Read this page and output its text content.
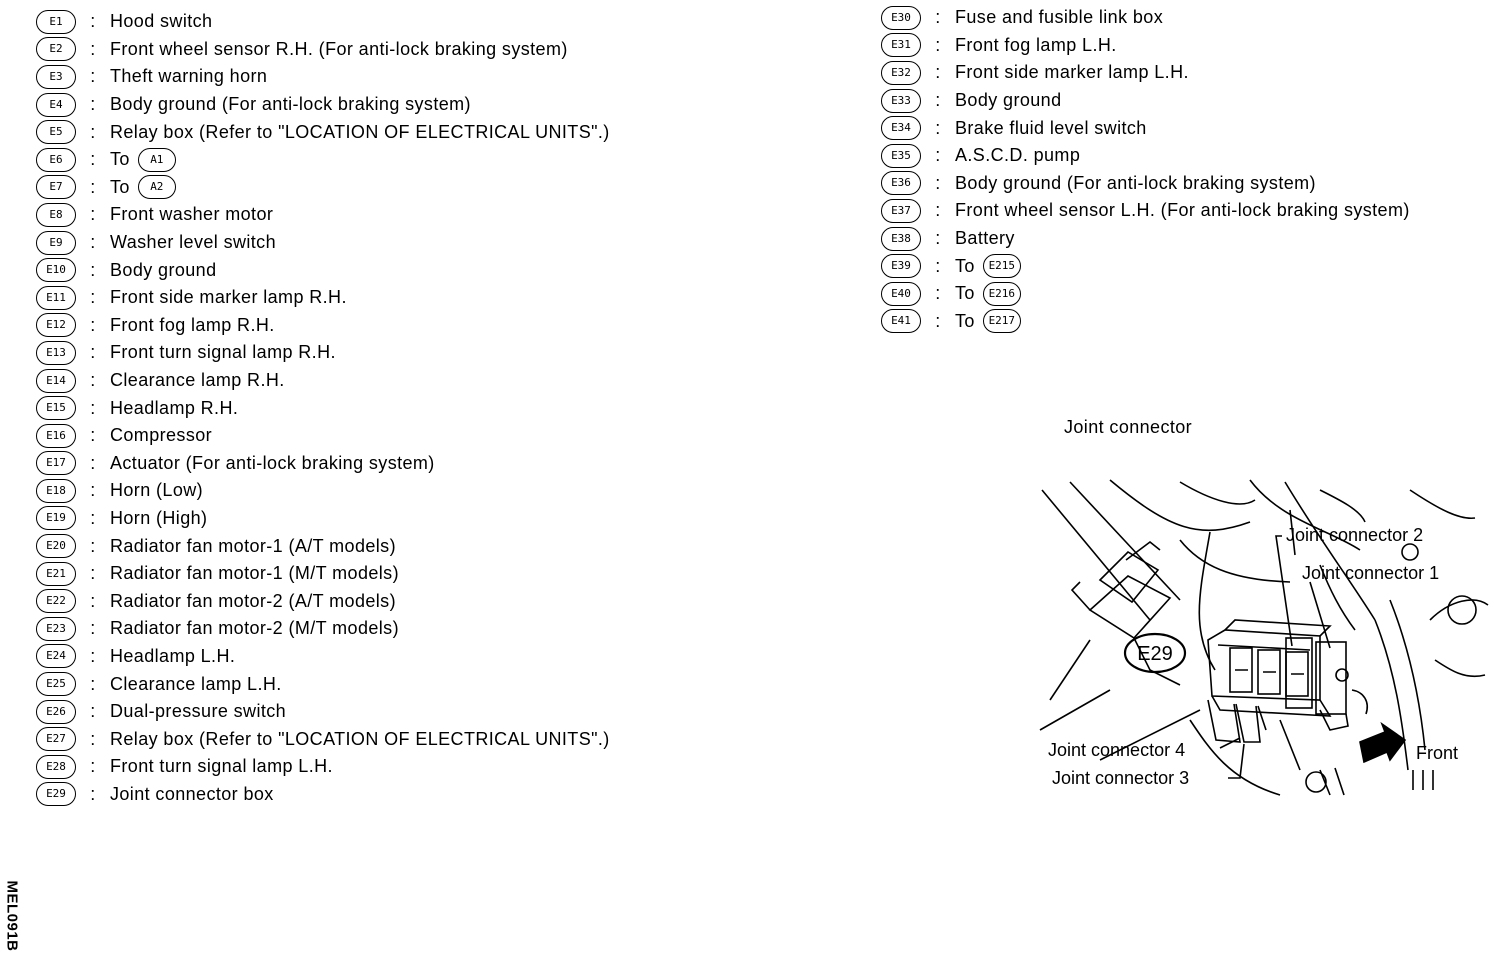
E1	: Hood switch
E2	: Front wheel sensor R.H. (For anti-lock braking system)
E3	: Theft warning horn
E4	: Body ground (For anti-lock braking system)
E5	: Relay box (Refer to "LOCATION OF ELECTRICAL UNITS".)
E6	: To	A1
E7	: To	A2
E8	: Front washer motor
E9	: Washer level switch
E10	: Body ground
E11	: Front side marker lamp R.H.
E12	: Front fog lamp R.H.
E13	: Front turn signal lamp R.H.
E14	: Clearance lamp R.H.
E15	: Headlamp R.H.
E16	: Compressor
E17	: Actuator (For anti-lock braking system)
E18	: Horn (Low)
E19	: Horn (High)
E20	: Radiator fan motor-1 (A/T models)
E21	: Radiator fan motor-1 (M/T models)
E22	: Radiator fan motor-2 (A/T models)
E23	: Radiator fan motor-2 (M/T models)
E24	: Headlamp L.H.
E25	: Clearance lamp L.H.
E26	: Dual-pressure switch
E27	: Relay box (Refer to "LOCATION OF ELECTRICAL UNITS".)
E28	: Front turn signal lamp L.H.
E29	: Joint connector box
E30	: Fuse and fusible link box
E31	: Front fog lamp L.H.
E32	: Front side marker lamp L.H.
E33	: Body ground
E34	: Brake fluid level switch
E35	: A.S.C.D. pump
E36	: Body ground (For anti-lock braking system)
E37	: Front wheel sensor L.H. (For anti-lock braking system)
E38	: Battery
E39	: To	E215
E40	: To	E216
E41	: To	E217
Joint connector
E29
Joint connector 2
Joint connector 1
Joint connector 4
Joint connector 3
Front
MEL091B
